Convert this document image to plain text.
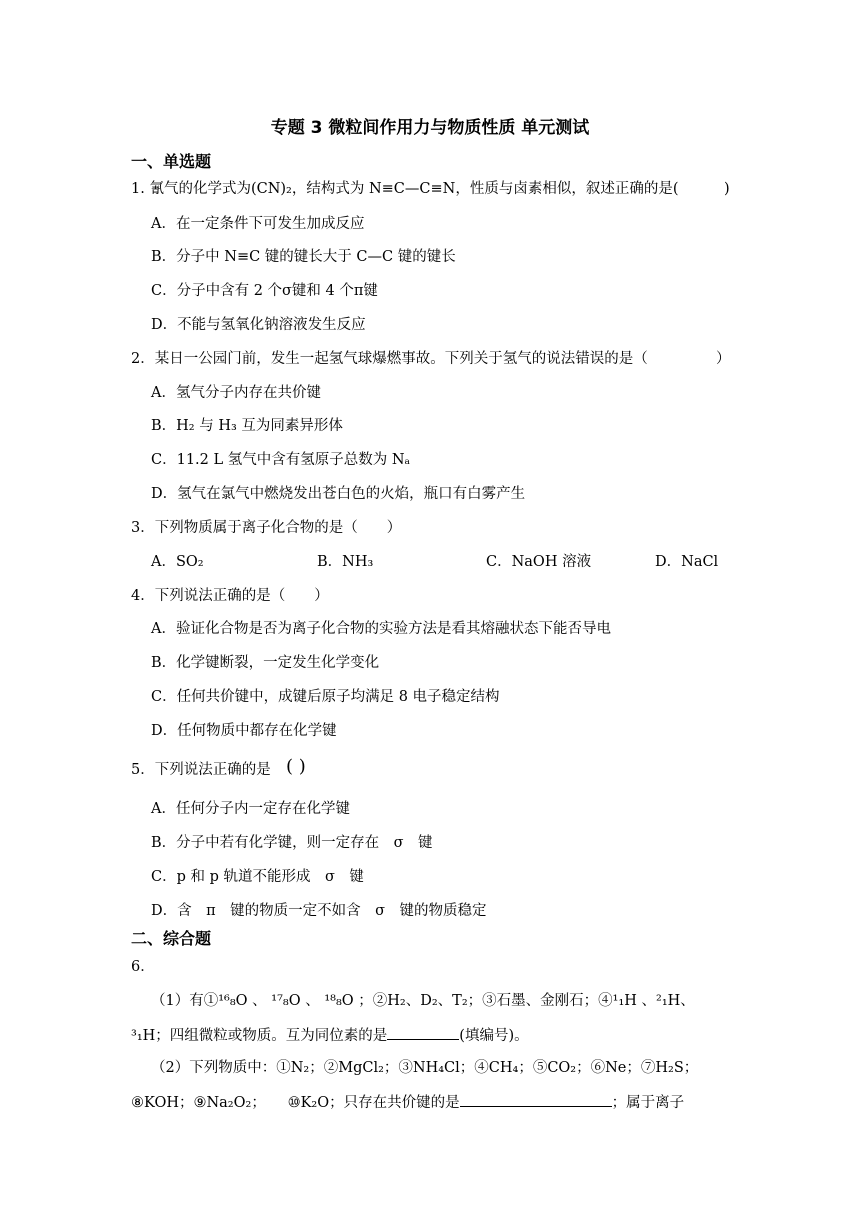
专题 3 微粒间作用力与物质性质 单元测试
一、单选题
1. 氰气的化学式为(CN)₂，结构式为 N≡C—C≡N，性质与卤素相似，叙述正确的是(	)
A．在一定条件下可发生加成反应
B．分子中 N≡C 键的键长大于 C—C 键的键长
C．分子中含有 2 个σ键和 4 个π键
D．不能与氢氧化钠溶液发生反应
2．某日一公园门前，发生一起氢气球爆燃事故。下列关于氢气的说法错误的是（	）
A．氢气分子内存在共价键
B．H₂ 与 H₃ 互为同素异形体
C．11.2 L 氢气中含有氢原子总数为 Nₐ
D．氢气在氯气中燃烧发出苍白色的火焰，瓶口有白雾产生
3．下列物质属于离子化合物的是（　　）
A．SO₂	B．NH₃	C．NaOH 溶液	D．NaCl
4．下列说法正确的是（　　）
A．验证化合物是否为离子化合物的实验方法是看其熔融状态下能否导电
B．化学键断裂，一定发生化学变化
C．任何共价键中，成键后原子均满足 8 电子稳定结构
D．任何物质中都存在化学键
5．下列说法正确的是 ( )
A．任何分子内一定存在化学键
B．分子中若有化学键，则一定存在　σ　键
C．p 和 p 轨道不能形成　σ　键
D．含　π　键的物质一定不如含　σ　键的物质稳定
二、综合题
6．
（1）有①¹⁶₈O 、 ¹⁷₈O 、 ¹⁸₈O ；②H₂、D₂、T₂；③石墨、金刚石；④¹₁H 、²₁H、
³₁H；四组微粒或物质。互为同位素的是	(填编号)。
（2）下列物质中：①N₂；②MgCl₂；③NH₄Cl；④CH₄；⑤CO₂；⑥Ne；⑦H₂S；
⑧KOH；⑨Na₂O₂；　　⑩K₂O；只存在共价键的是	；属于离子
